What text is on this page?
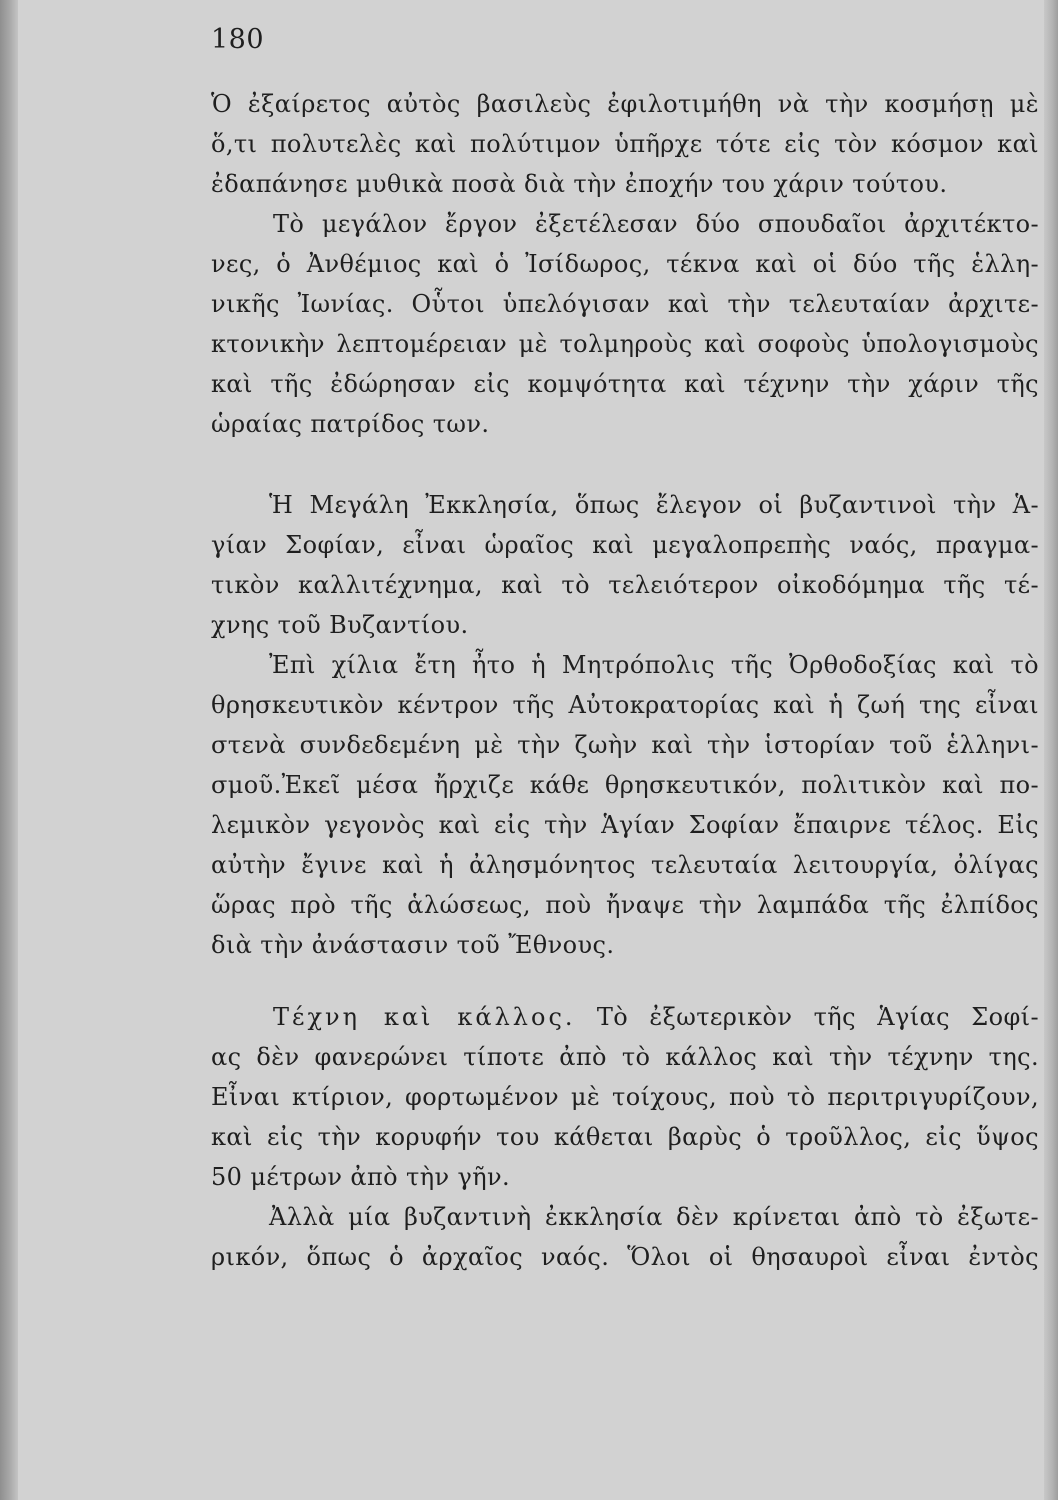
180
Ὁ ἐξαίρετος αὐτὸς βασιλεὺς ἐφιλοτιμήθη νὰ τὴν κοσμήσῃ μὲ
ὅ,τι πολυτελὲς καὶ πολύτιμον ὑπῆρχε τότε εἰς τὸν κόσμον καὶ
ἐδαπάνησε μυθικὰ ποσὰ διὰ τὴν ἐποχήν του χάριν τούτου.
Τὸ μεγάλον ἔργον ἐξετέλεσαν δύο σπουδαῖοι ἀρχιτέκτο-
νες, ὁ Ἀνθέμιος καὶ ὁ Ἰσίδωρος, τέκνα καὶ οἱ δύο τῆς ἑλλη-
νικῆς Ἰωνίας. Οὗτοι ὑπελόγισαν καὶ τὴν τελευταίαν ἀρχιτε-
κτονικὴν λεπτομέρειαν μὲ τολμηροὺς καὶ σοφοὺς ὑπολογισμοὺς
καὶ τῆς ἐδώρησαν εἰς κομψότητα καὶ τέχνην τὴν χάριν τῆς
ὡραίας πατρίδος των.
Ἡ Μεγάλη Ἐκκλησία, ὅπως ἔλεγον οἱ βυζαντινοὶ τὴν Ἁ-
γίαν Σοφίαν, εἶναι ὡραῖος καὶ μεγαλοπρεπὴς ναός, πραγμα-
τικὸν καλλιτέχνημα, καὶ τὸ τελειότερον οἰκοδόμημα τῆς τέ-
χνης τοῦ Βυζαντίου.
Ἐπὶ χίλια ἔτη ἦτο ἡ Μητρόπολις τῆς Ὀρθοδοξίας καὶ τὸ
θρησκευτικὸν κέντρον τῆς Αὐτοκρατορίας καὶ ἡ ζωή της εἶναι
στενὰ συνδεδεμένη μὲ τὴν ζωὴν καὶ τὴν ἱστορίαν τοῦ ἑλληνι-
σμοῦ.Ἐκεῖ μέσα ἤρχιζε κάθε θρησκευτικόν, πολιτικὸν καὶ πο-
λεμικὸν γεγονὸς καὶ εἰς τὴν Ἁγίαν Σοφίαν ἔπαιρνε τέλος. Εἰς
αὐτὴν ἔγινε καὶ ἡ ἀλησμόνητος τελευταία λειτουργία, ὀλίγας
ὥρας πρὸ τῆς ἁλώσεως, ποὺ ἤναψε τὴν λαμπάδα τῆς ἐλπίδος
διὰ τὴν ἀνάστασιν τοῦ Ἔθνους.
Τέχνη καὶ κάλλος. Τὸ ἐξωτερικὸν τῆς Ἁγίας Σοφί-
ας δὲν φανερώνει τίποτε ἀπὸ τὸ κάλλος καὶ τὴν τέχνην της.
Εἶναι κτίριον, φορτωμένον μὲ τοίχους, ποὺ τὸ περιτριγυρίζουν,
καὶ εἰς τὴν κορυφήν του κάθεται βαρὺς ὁ τροῦλλος, εἰς ὕψος
50 μέτρων ἀπὸ τὴν γῆν.
Ἀλλὰ μία βυζαντινὴ ἐκκλησία δὲν κρίνεται ἀπὸ τὸ ἐξωτε-
ρικόν, ὅπως ὁ ἀρχαῖος ναός. Ὅλοι οἱ θησαυροὶ εἶναι ἐντὸς
